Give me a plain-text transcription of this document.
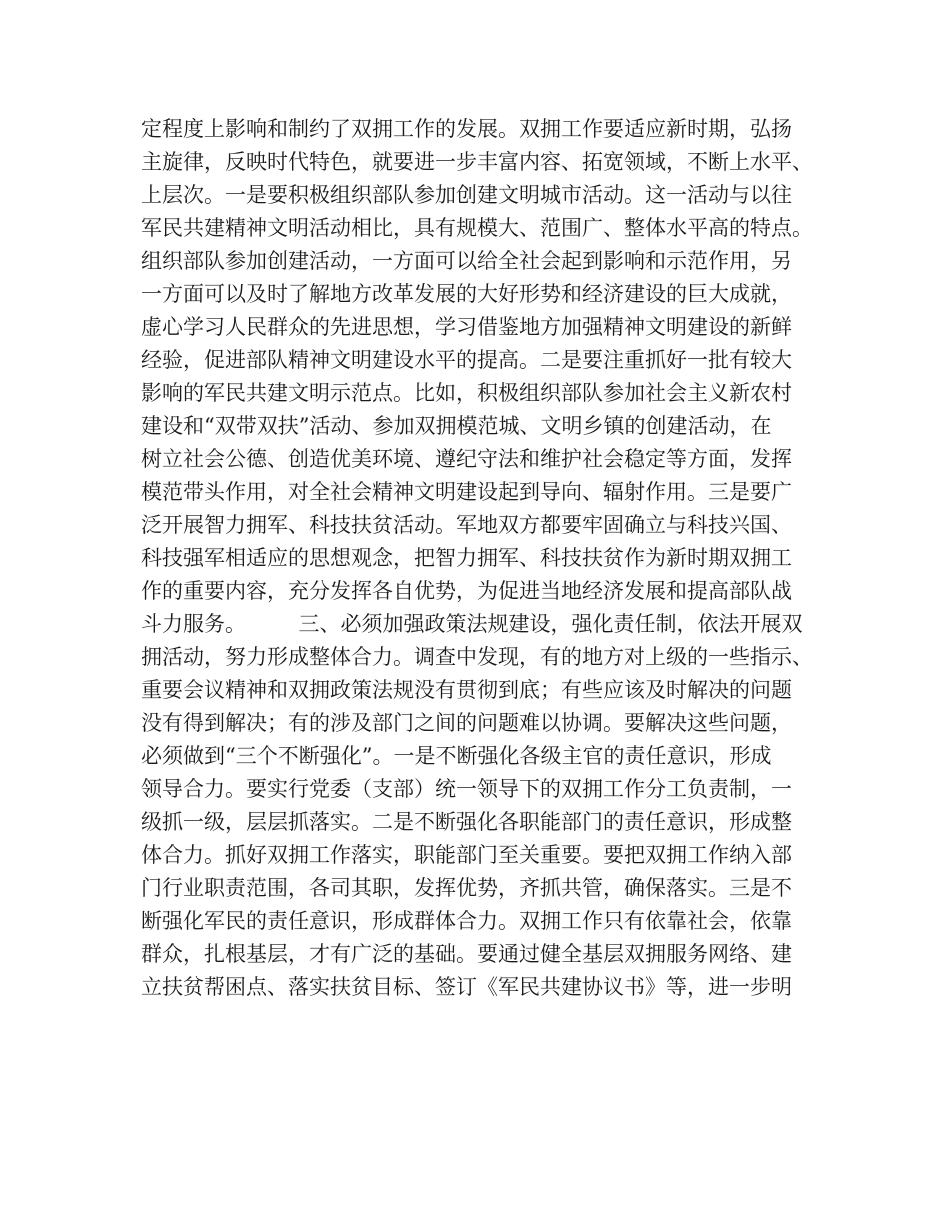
定程度上影响和制约了双拥工作的发展。双拥工作要适应新时期，弘扬
主旋律，反映时代特色，就要进一步丰富内容、拓宽领域，不断上水平、
上层次。一是要积极组织部队参加创建文明城市活动。这一活动与以往
军民共建精神文明活动相比，具有规模大、范围广、整体水平高的特点。
组织部队参加创建活动，一方面可以给全社会起到影响和示范作用，另
一方面可以及时了解地方改革发展的大好形势和经济建设的巨大成就，
虚心学习人民群众的先进思想，学习借鉴地方加强精神文明建设的新鲜
经验，促进部队精神文明建设水平的提高。二是要注重抓好一批有较大
影响的军民共建文明示范点。比如，积极组织部队参加社会主义新农村
建设和“双带双扶”活动、参加双拥模范城、文明乡镇的创建活动，在
树立社会公德、创造优美环境、遵纪守法和维护社会稳定等方面，发挥
模范带头作用，对全社会精神文明建设起到导向、辐射作用。三是要广
泛开展智力拥军、科技扶贫活动。军地双方都要牢固确立与科技兴国、
科技强军相适应的思想观念，把智力拥军、科技扶贫作为新时期双拥工
作的重要内容，充分发挥各自优势，为促进当地经济发展和提高部队战
斗力服务。　　　三、必须加强政策法规建设，强化责任制，依法开展双
拥活动，努力形成整体合力。调查中发现，有的地方对上级的一些指示、
重要会议精神和双拥政策法规没有贯彻到底；有些应该及时解决的问题
没有得到解决；有的涉及部门之间的问题难以协调。要解决这些问题，
必须做到“三个不断强化”。一是不断强化各级主官的责任意识，形成
领导合力。要实行党委（支部）统一领导下的双拥工作分工负责制，一
级抓一级，层层抓落实。二是不断强化各职能部门的责任意识，形成整
体合力。抓好双拥工作落实，职能部门至关重要。要把双拥工作纳入部
门行业职责范围，各司其职，发挥优势，齐抓共管，确保落实。三是不
断强化军民的责任意识，形成群体合力。双拥工作只有依靠社会，依靠
群众，扎根基层，才有广泛的基础。要通过健全基层双拥服务网络、建
立扶贫帮困点、落实扶贫目标、签订《军民共建协议书》等，进一步明
